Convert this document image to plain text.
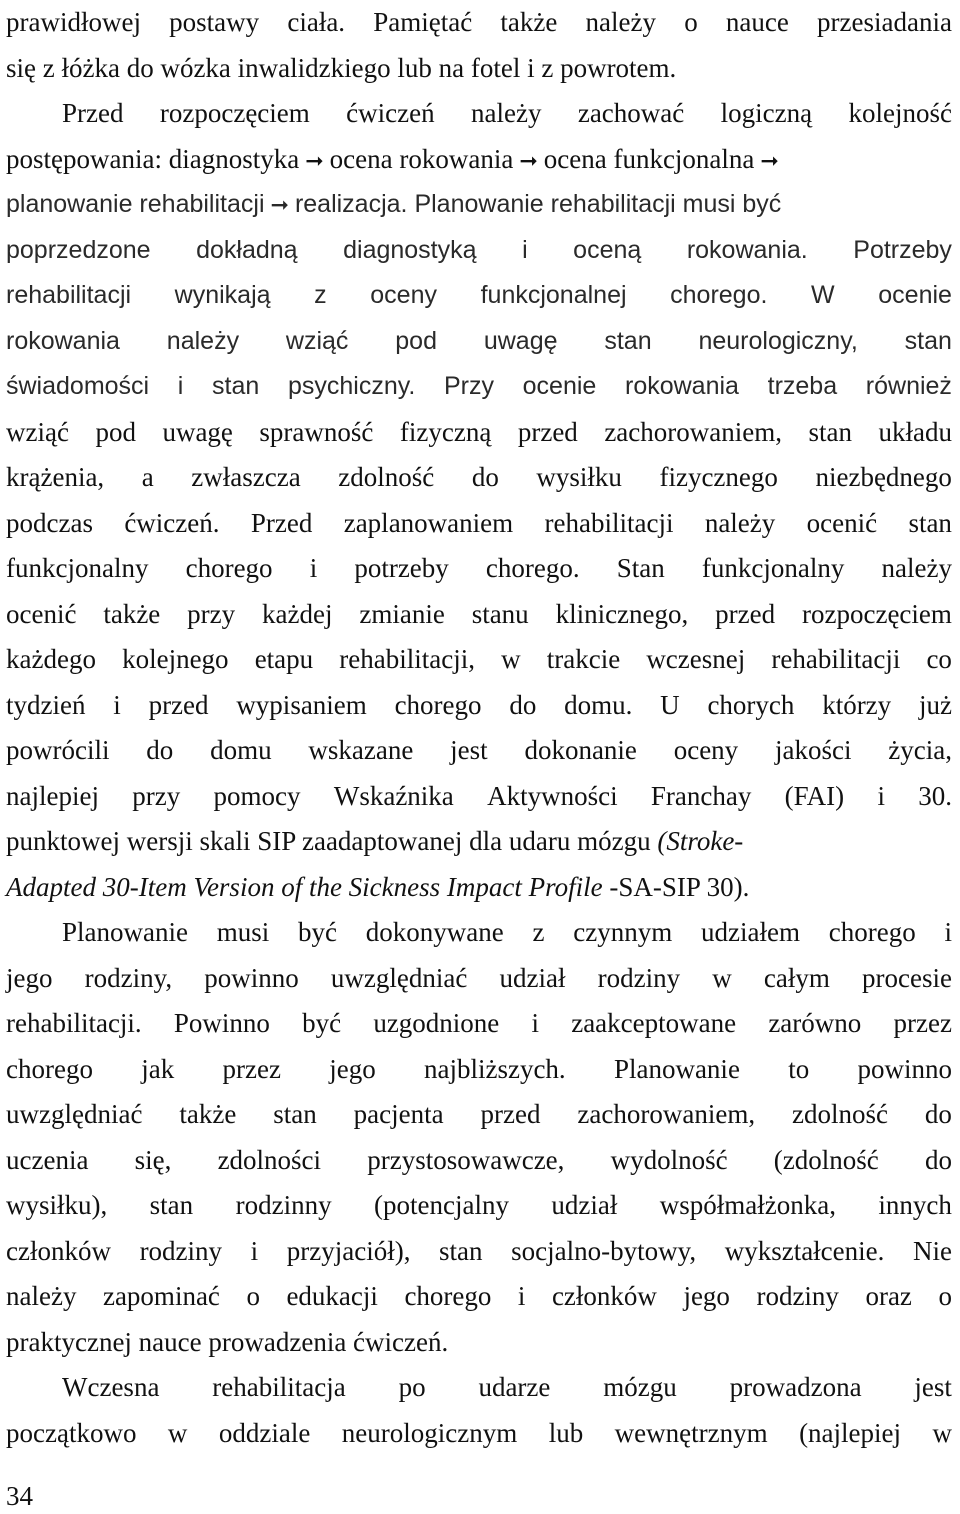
prawidłowej postawy ciała. Pamiętać także należy o nauce przesiadania
się z łóżka do wózka inwalidzkiego lub na fotel i z powrotem.
Przed rozpoczęciem ćwiczeń należy zachować logiczną kolejność
postępowania: diagnostyka ➞ ocena rokowania ➞ ocena funkcjonalna ➞
planowanie rehabilitacji ➞ realizacja. Planowanie rehabilitacji musi być
poprzedzone dokładną diagnostyką i oceną rokowania. Potrzeby
rehabilitacji wynikają z oceny funkcjonalnej chorego. W ocenie
rokowania należy wziąć pod uwagę stan neurologiczny, stan
świadomości i stan psychiczny. Przy ocenie rokowania trzeba również
wziąć pod uwagę sprawność fizyczną przed zachorowaniem, stan układu
krążenia, a zwłaszcza zdolność do wysiłku fizycznego niezbędnego
podczas ćwiczeń. Przed zaplanowaniem rehabilitacji należy ocenić stan
funkcjonalny chorego i potrzeby chorego. Stan funkcjonalny należy
ocenić także przy każdej zmianie stanu klinicznego, przed rozpoczęciem
każdego kolejnego etapu rehabilitacji, w trakcie wczesnej rehabilitacji co
tydzień i przed wypisaniem chorego do domu. U chorych którzy już
powrócili do domu wskazane jest dokonanie oceny jakości życia,
najlepiej przy pomocy Wskaźnika Aktywności Franchay (FAI) i 30.
punktowej wersji skali SIP zaadaptowanej dla udaru mózgu (Stroke-
Adapted 30-Item Version of the Sickness Impact Profile -SA-SIP 30).
Planowanie musi być dokonywane z czynnym udziałem chorego i
jego rodziny, powinno uwzględniać udział rodziny w całym procesie
rehabilitacji. Powinno być uzgodnione i zaakceptowane zarówno przez
chorego jak przez jego najbliższych. Planowanie to powinno
uwzględniać także stan pacjenta przed zachorowaniem, zdolność do
uczenia się, zdolności przystosowawcze, wydolność (zdolność do
wysiłku), stan rodzinny (potencjalny udział współmałżonka, innych
członków rodziny i przyjaciół), stan socjalno-bytowy, wykształcenie. Nie
należy zapominać o edukacji chorego i członków jego rodziny oraz o
praktycznej nauce prowadzenia ćwiczeń.
Wczesna rehabilitacja po udarze mózgu prowadzona jest
początkowo w oddziale neurologicznym lub wewnętrznym (najlepiej w
34
